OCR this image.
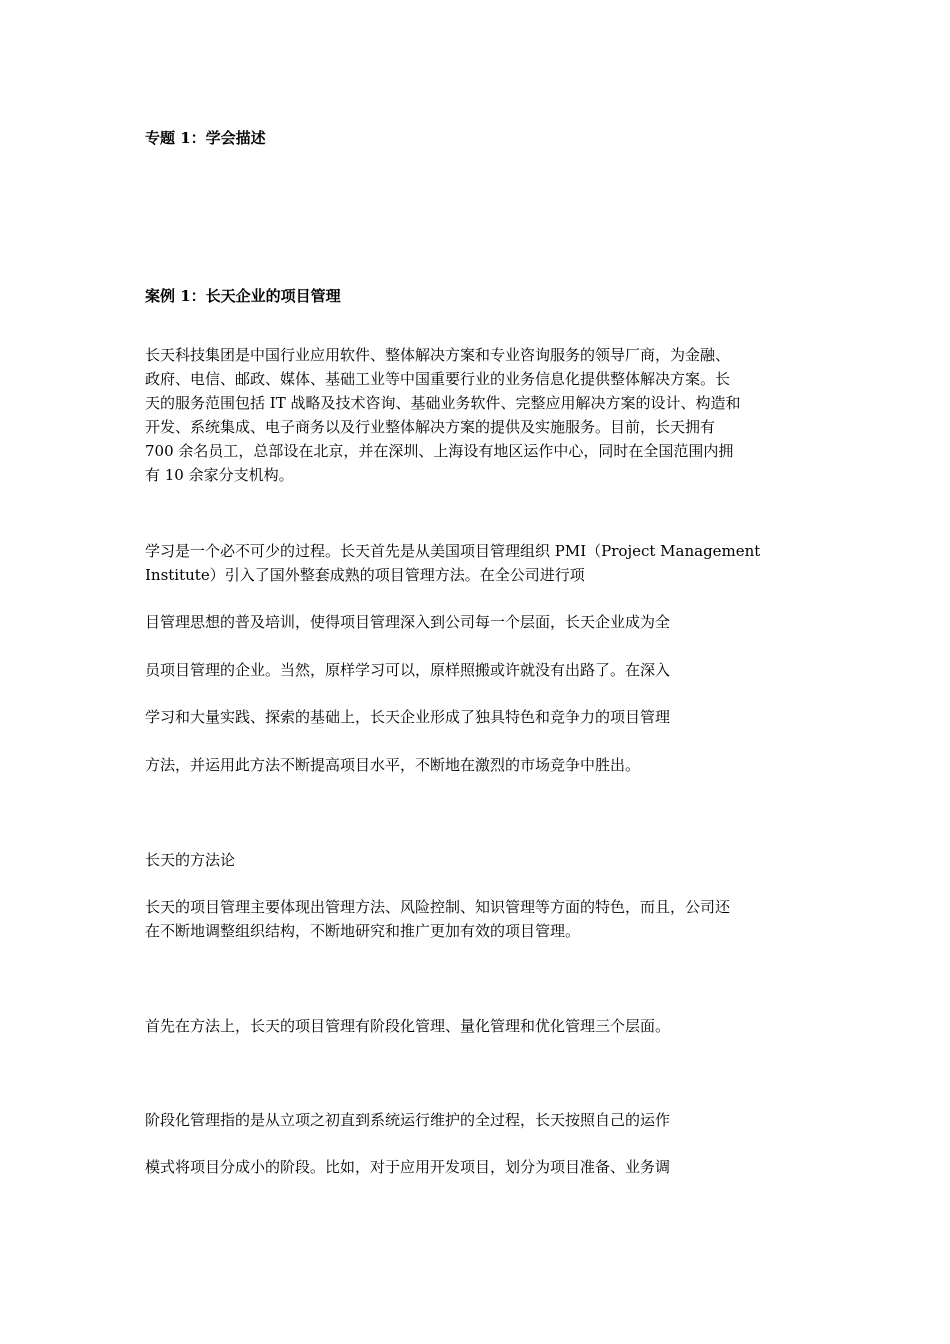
专题 1：学会描述
案例 1：长天企业的项目管理
长天科技集团是中国行业应用软件、整体解决方案和专业咨询服务的领导厂商，为金融、
政府、电信、邮政、媒体、基础工业等中国重要行业的业务信息化提供整体解决方案。长
天的服务范围包括 IT 战略及技术咨询、基础业务软件、完整应用解决方案的设计、构造和
开发、系统集成、电子商务以及行业整体解决方案的提供及实施服务。目前，长天拥有
700 余名员工，总部设在北京，并在深圳、上海设有地区运作中心，同时在全国范围内拥
有 10 余家分支机构。
学习是一个必不可少的过程。长天首先是从美国项目管理组织 PMI（Project Management
Institute）引入了国外整套成熟的项目管理方法。在全公司进行项
目管理思想的普及培训，使得项目管理深入到公司每一个层面，长天企业成为全
员项目管理的企业。当然，原样学习可以，原样照搬或许就没有出路了。在深入
学习和大量实践、探索的基础上，长天企业形成了独具特色和竞争力的项目管理
方法，并运用此方法不断提高项目水平，不断地在激烈的市场竞争中胜出。
长天的方法论
长天的项目管理主要体现出管理方法、风险控制、知识管理等方面的特色，而且，公司还
在不断地调整组织结构，不断地研究和推广更加有效的项目管理。
首先在方法上，长天的项目管理有阶段化管理、量化管理和优化管理三个层面。
阶段化管理指的是从立项之初直到系统运行维护的全过程，长天按照自己的运作
模式将项目分成小的阶段。比如，对于应用开发项目，划分为项目准备、业务调
